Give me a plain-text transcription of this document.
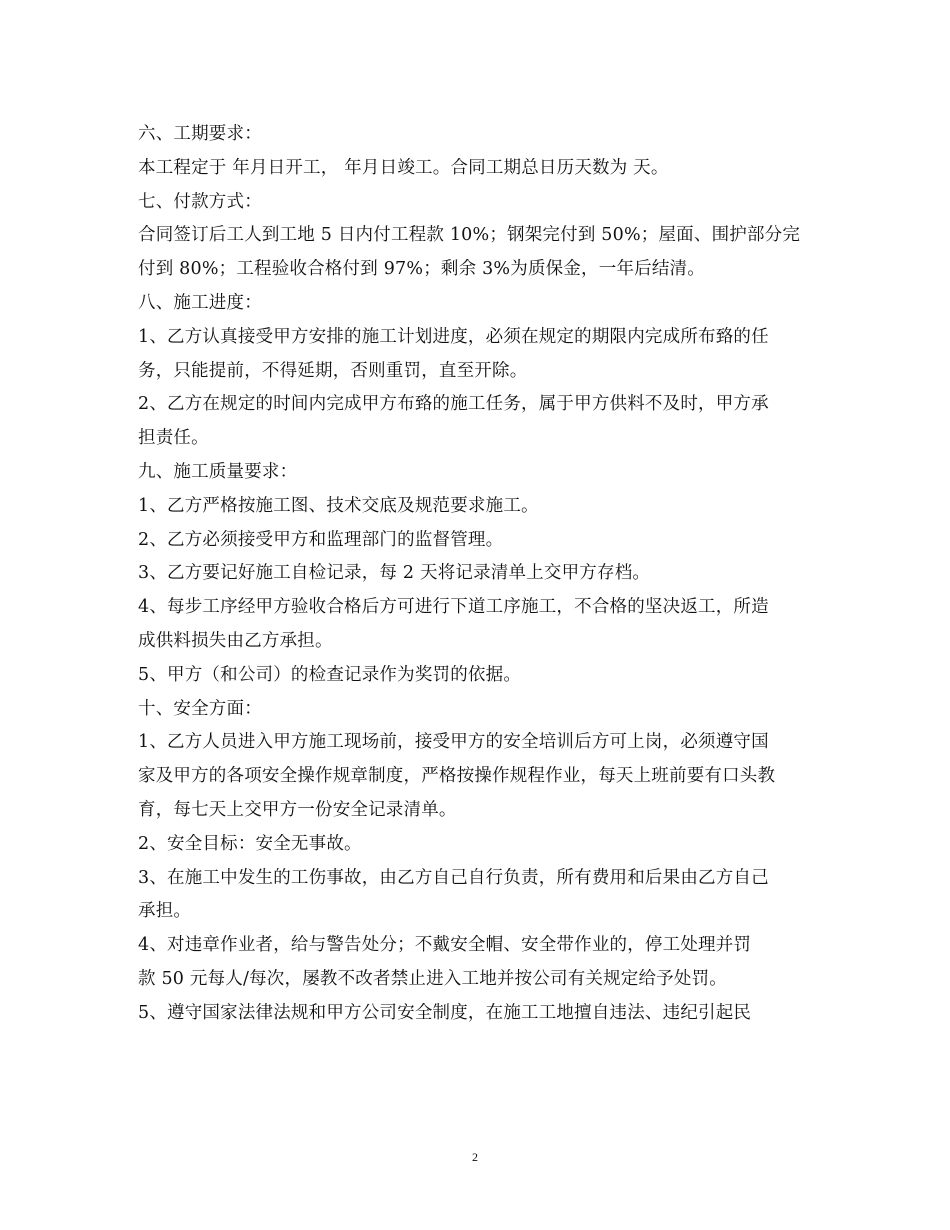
六、工期要求：
本工程定于 年月日开工， 年月日竣工。合同工期总日历天数为 天。
七、付款方式：
合同签订后工人到工地 5 日内付工程款 10%；钢架完付到 50%；屋面、围护部分完
付到 80%；工程验收合格付到 97%；剩余 3%为质保金，一年后结清。
八、施工进度：
1、乙方认真接受甲方安排的施工计划进度，必须在规定的期限内完成所布臵的任
务，只能提前，不得延期，否则重罚，直至开除。
2、乙方在规定的时间内完成甲方布臵的施工任务，属于甲方供料不及时，甲方承
担责任。
九、施工质量要求：
1、乙方严格按施工图、技术交底及规范要求施工。
2、乙方必须接受甲方和监理部门的监督管理。
3、乙方要记好施工自检记录，每 2 天将记录清单上交甲方存档。
4、每步工序经甲方验收合格后方可进行下道工序施工，不合格的坚决返工，所造
成供料损失由乙方承担。
5、甲方（和公司）的检查记录作为奖罚的依据。
十、安全方面：
1、乙方人员进入甲方施工现场前，接受甲方的安全培训后方可上岗，必须遵守国
家及甲方的各项安全操作规章制度，严格按操作规程作业，每天上班前要有口头教
育，每七天上交甲方一份安全记录清单。
2、安全目标：安全无事故。
3、在施工中发生的工伤事故，由乙方自己自行负责，所有费用和后果由乙方自己
承担。
4、对违章作业者，给与警告处分；不戴安全帽、安全带作业的，停工处理并罚
款 50 元每人/每次，屡教不改者禁止进入工地并按公司有关规定给予处罚。
5、遵守国家法律法规和甲方公司安全制度，在施工工地擅自违法、违纪引起民
2
